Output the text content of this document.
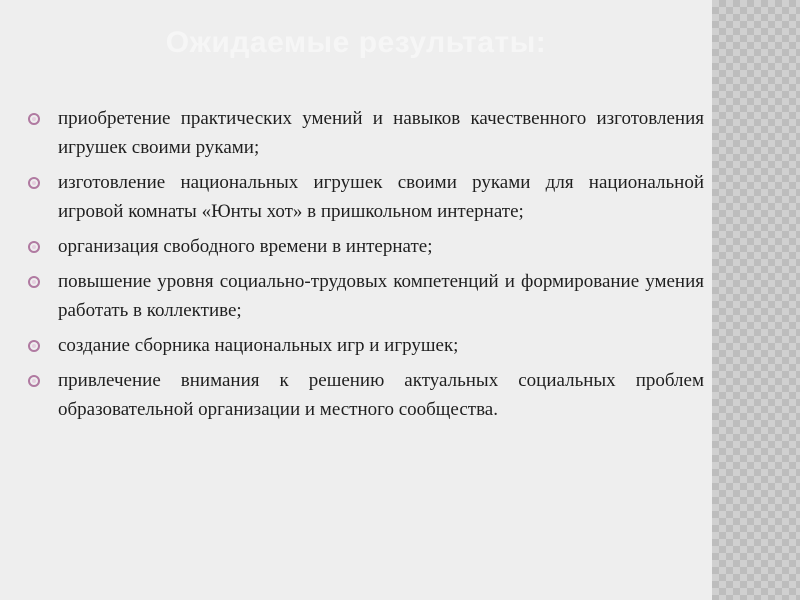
Ожидаемые результаты:
приобретение практических умений и навыков качественного изготовления игрушек своими руками;
изготовление национальных игрушек своими руками для национальной игровой комнаты «Юнты хот» в пришкольном интернате;
организация свободного времени в интернате;
повышение уровня социально-трудовых компетенций и формирование умения работать в коллективе;
создание сборника национальных игр и игрушек;
привлечение внимания к решению актуальных социальных проблем образовательной организации и местного сообщества.
